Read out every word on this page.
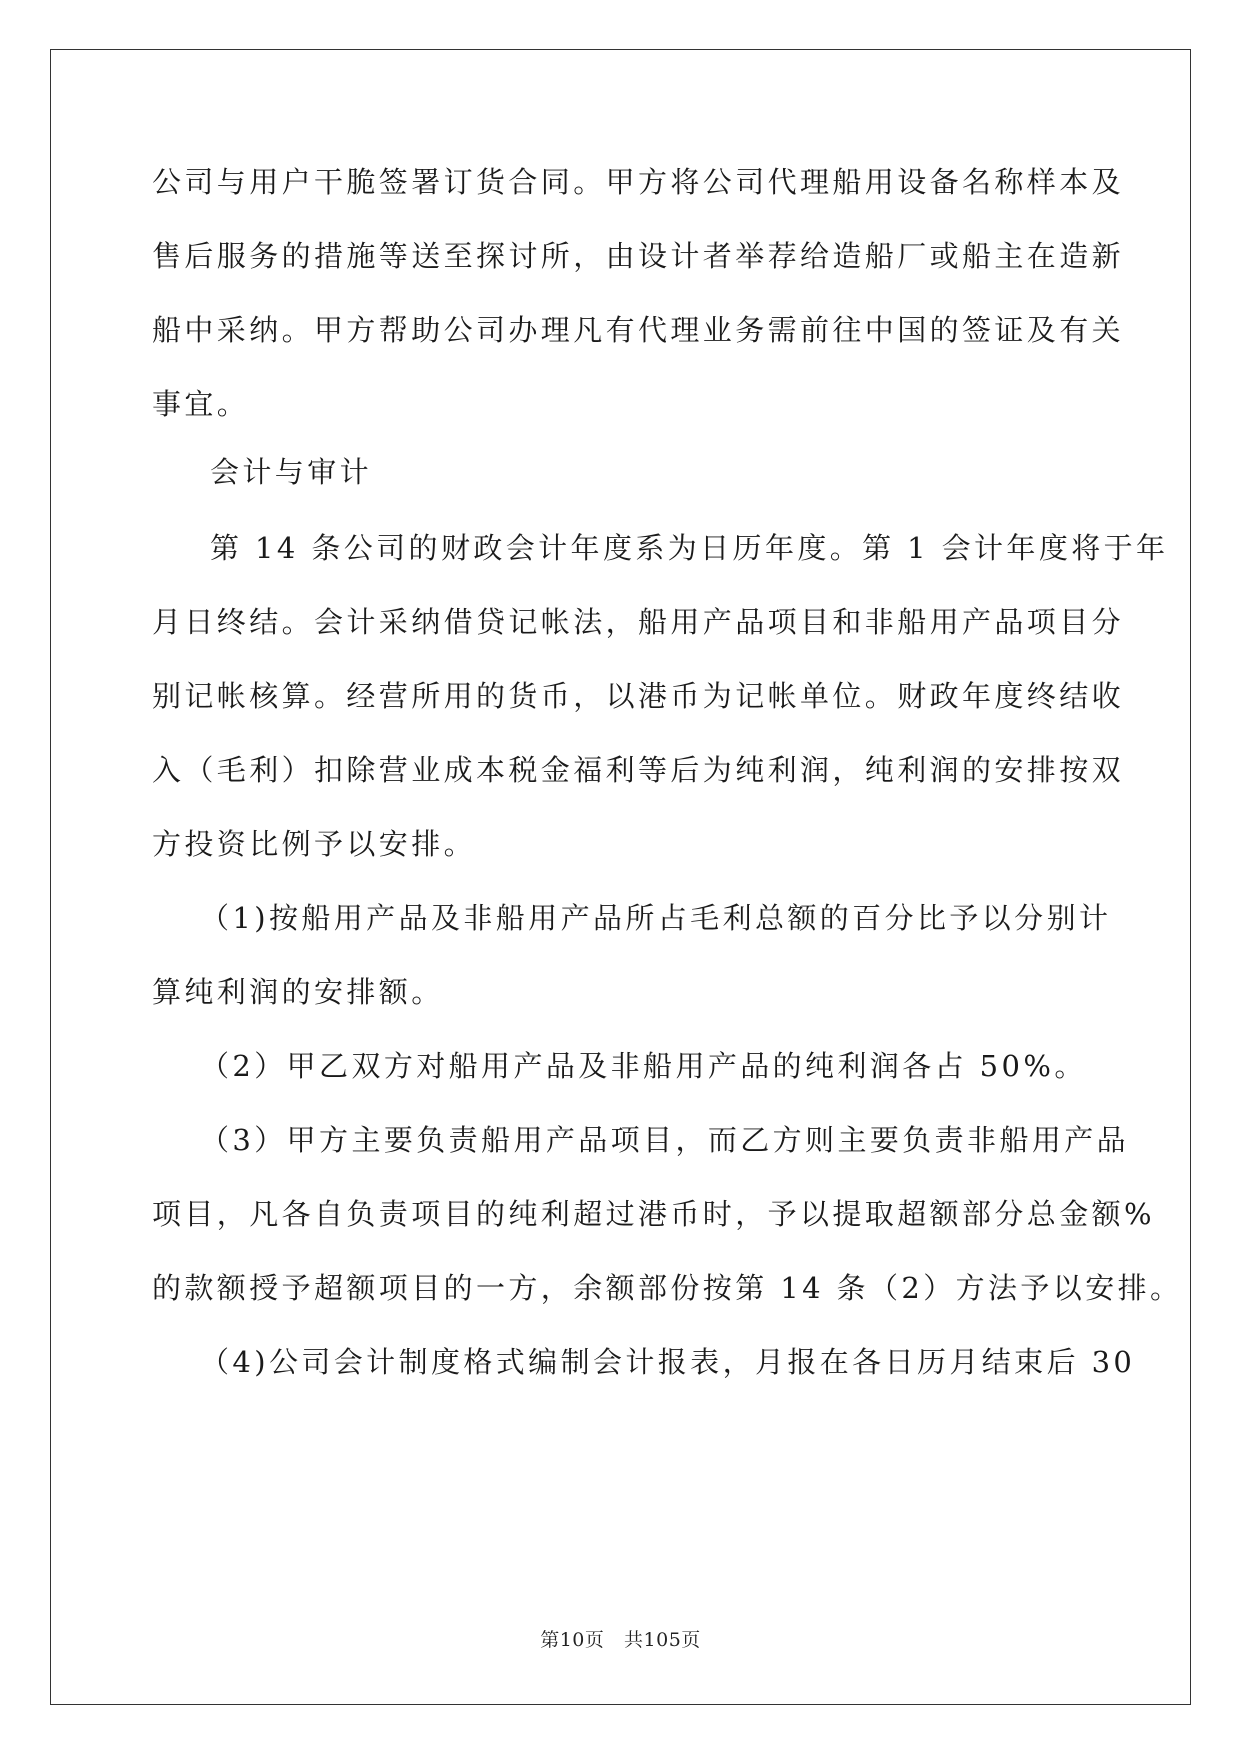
公司与用户干脆签署订货合同。甲方将公司代理船用设备名称样本及
售后服务的措施等送至探讨所，由设计者举荐给造船厂或船主在造新
船中采纳。甲方帮助公司办理凡有代理业务需前往中国的签证及有关
事宜。
会计与审计
第 14 条公司的财政会计年度系为日历年度。第 1 会计年度将于年
月日终结。会计采纳借贷记帐法，船用产品项目和非船用产品项目分
别记帐核算。经营所用的货币，以港币为记帐单位。财政年度终结收
入（毛利）扣除营业成本税金福利等后为纯利润，纯利润的安排按双
方投资比例予以安排。
（1)按船用产品及非船用产品所占毛利总额的百分比予以分别计
算纯利润的安排额。
（2）甲乙双方对船用产品及非船用产品的纯利润各占 50%。
（3）甲方主要负责船用产品项目，而乙方则主要负责非船用产品
项目，凡各自负责项目的纯利超过港币时，予以提取超额部分总金额%
的款额授予超额项目的一方，余额部份按第 14 条（2）方法予以安排。
（4)公司会计制度格式编制会计报表，月报在各日历月结束后 30
第10页 共105页
